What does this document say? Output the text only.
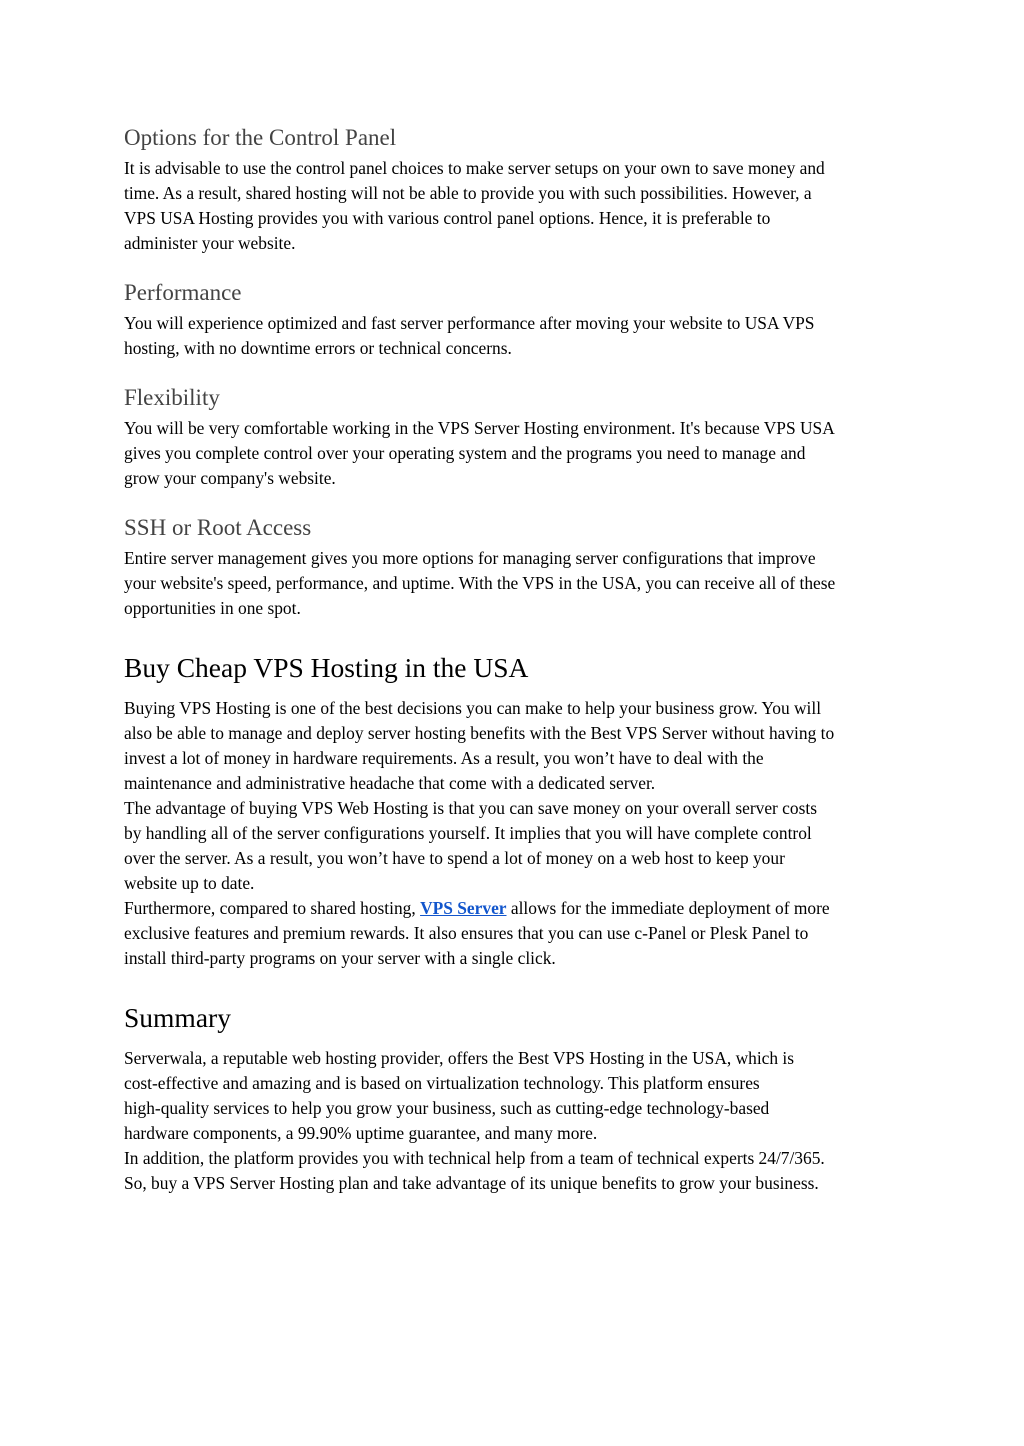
Options for the Control Panel

It is advisable to use the control panel choices to make server setups on your own to save money and

time. As a result, shared hosting will not be able to provide you with such possibilities. However, a

VPS USA Hosting provides you with various control panel options. Hence, it is preferable to

administer your website.

Performance

You will experience optimized and fast server performance after moving your website to USA VPS

hosting, with no downtime errors or technical concerns.

Flexibility

You will be very comfortable working in the VPS Server Hosting environment. It's because VPS USA

gives you complete control over your operating system and the programs you need to manage and

grow your company's website.

SSH or Root Access

Entire server management gives you more options for managing server configurations that improve

your website's speed, performance, and uptime. With the VPS in the USA, you can receive all of these

opportunities in one spot.

Buy Cheap VPS Hosting in the USA

Buying VPS Hosting is one of the best decisions you can make to help your business grow. You will

also be able to manage and deploy server hosting benefits with the Best VPS Server without having to

invest a lot of money in hardware requirements. As a result, you won’t have to deal with the

maintenance and administrative headache that come with a dedicated server.

The advantage of buying VPS Web Hosting is that you can save money on your overall server costs

by handling all of the server configurations yourself. It implies that you will have complete control

over the server. As a result, you won’t have to spend a lot of money on a web host to keep your

website up to date.

Furthermore, compared to shared hosting, VPS Server allows for the immediate deployment of more

exclusive features and premium rewards. It also ensures that you can use c-Panel or Plesk Panel to

install third-party programs on your server with a single click.

Summary

Serverwala, a reputable web hosting provider, offers the Best VPS Hosting in the USA, which is

cost-effective and amazing and is based on virtualization technology. This platform ensures

high-quality services to help you grow your business, such as cutting-edge technology-based

hardware components, a 99.90% uptime guarantee, and many more.

In addition, the platform provides you with technical help from a team of technical experts 24/7/365.

So, buy a VPS Server Hosting plan and take advantage of its unique benefits to grow your business.
